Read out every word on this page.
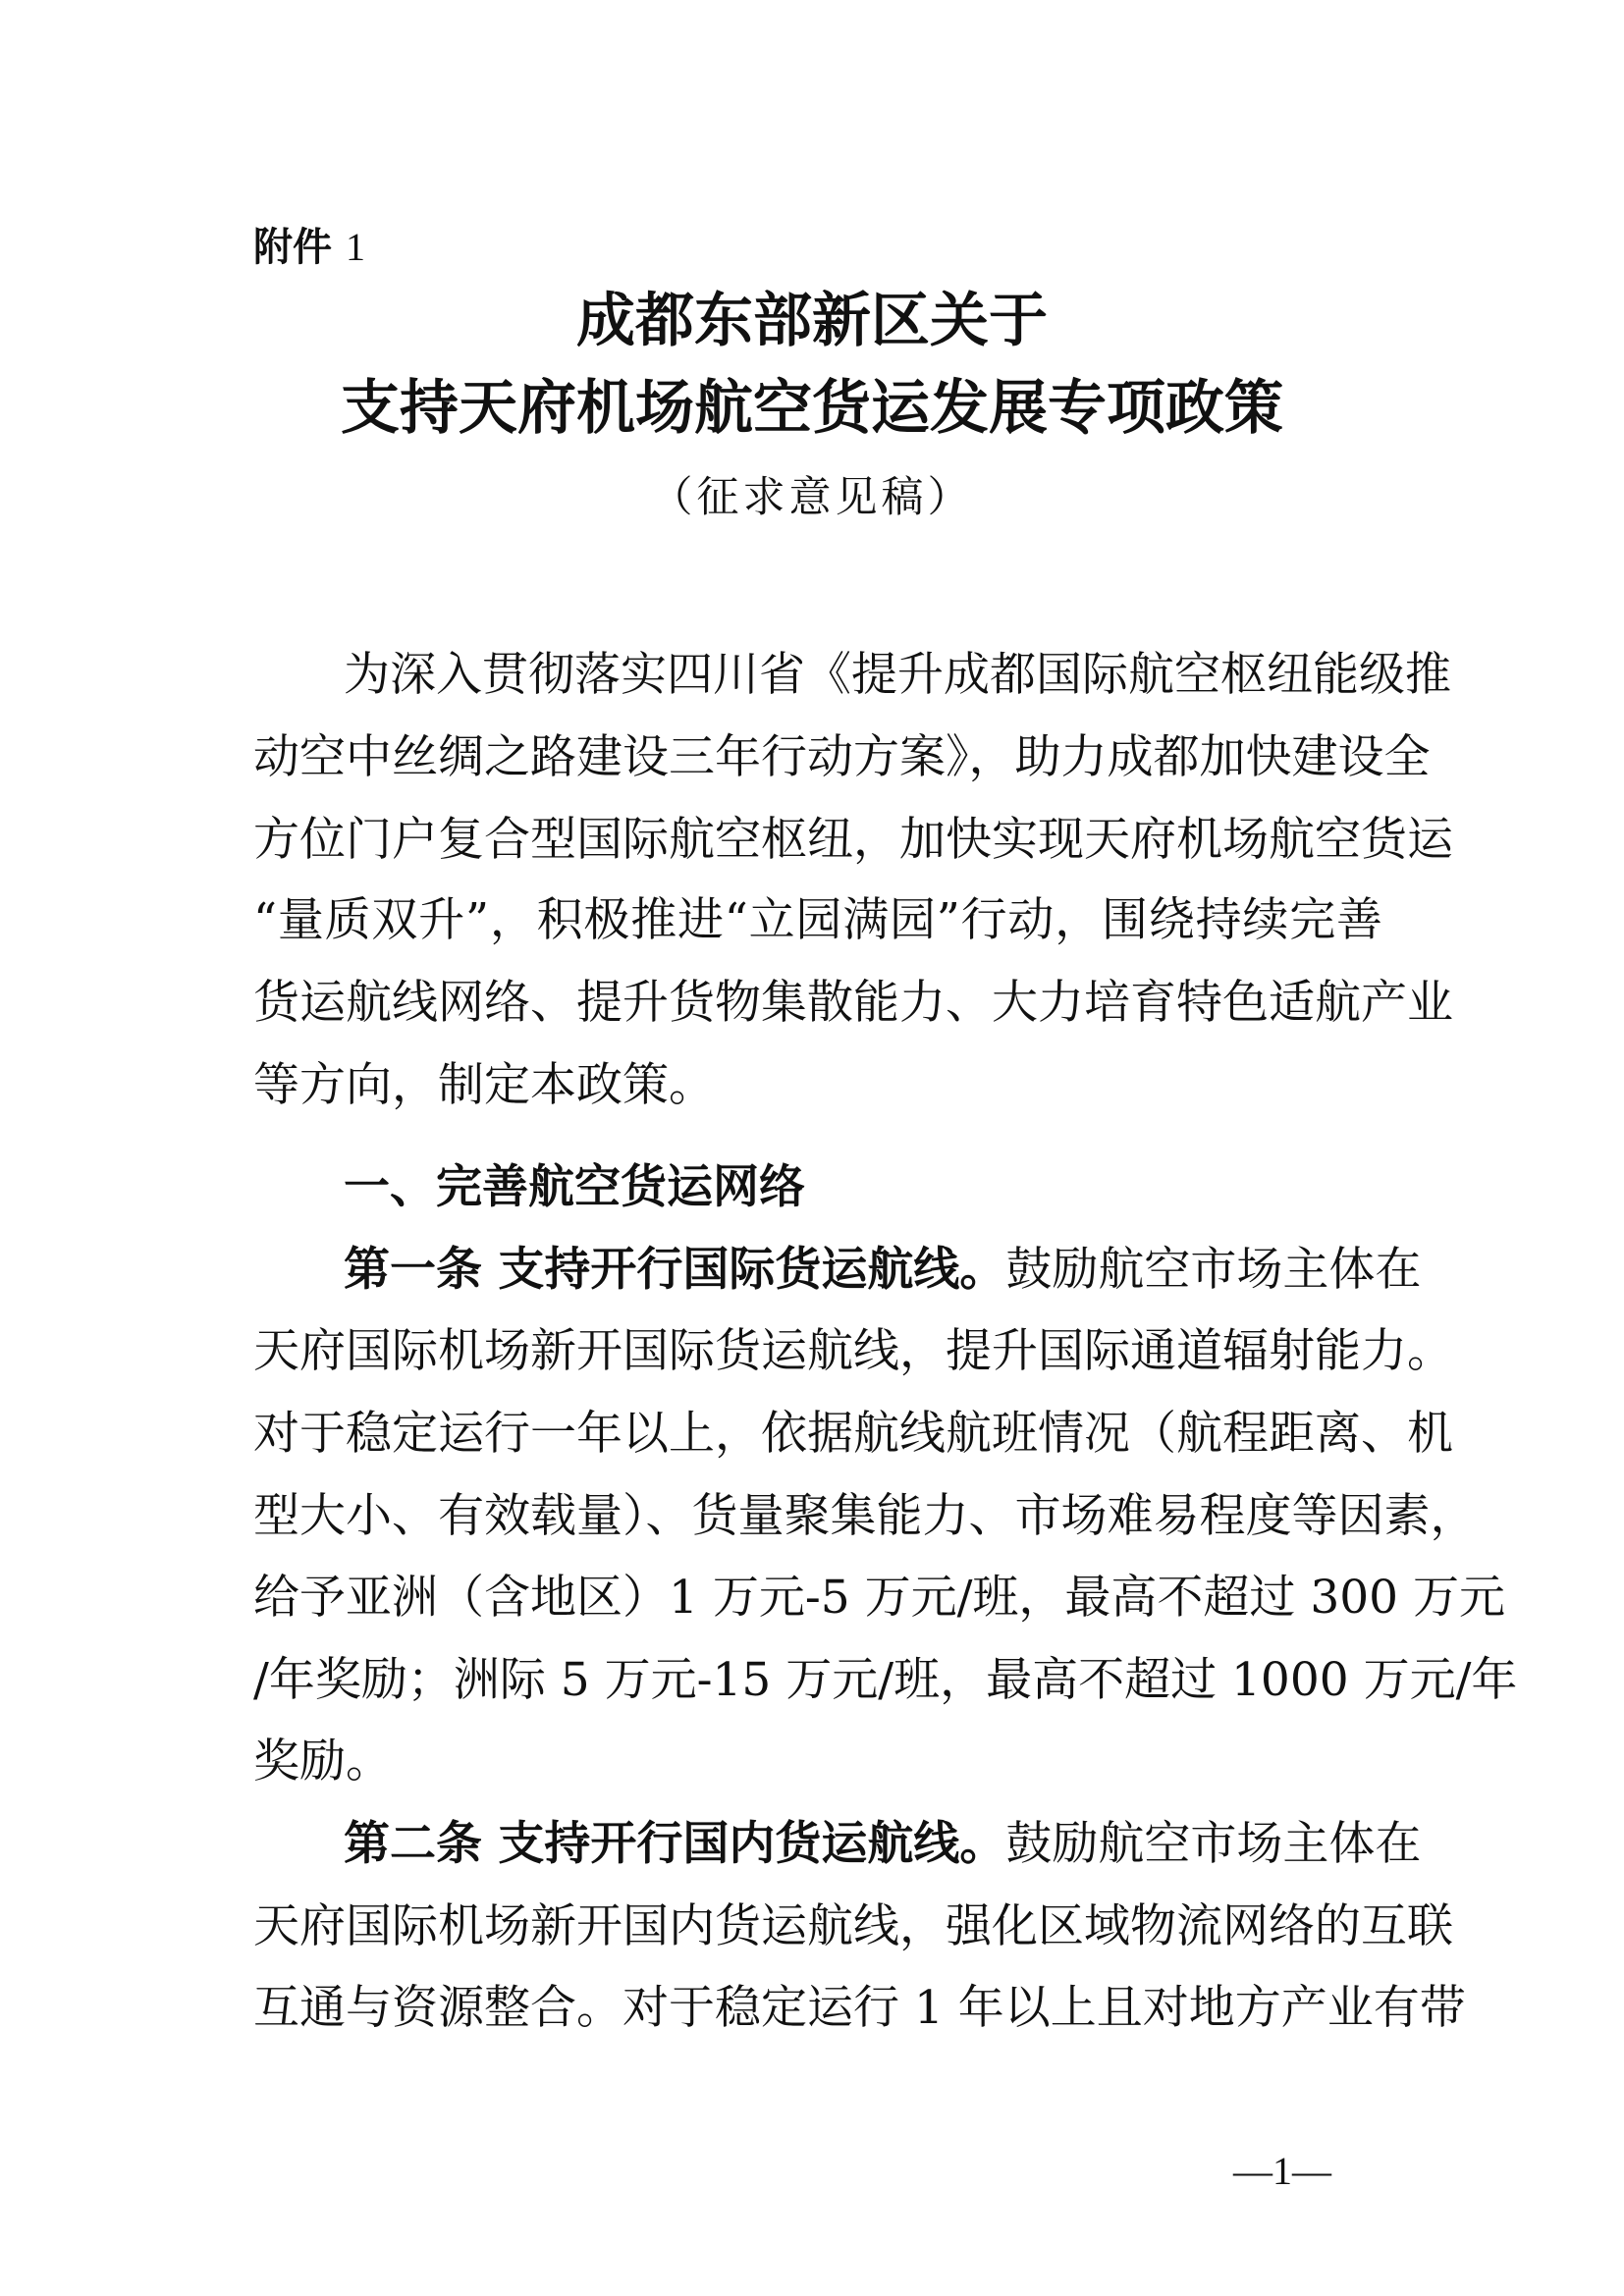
附件 1
成都东部新区关于
支持天府机场航空货运发展专项政策
（征求意见稿）
为深入贯彻落实四川省《提升成都国际航空枢纽能级推
动空中丝绸之路建设三年行动方案》，助力成都加快建设全
方位门户复合型国际航空枢纽，加快实现天府机场航空货运
“量质双升”，积极推进“立园满园”行动，围绕持续完善
货运航线网络、提升货物集散能力、大力培育特色适航产业
等方向，制定本政策。
一、完善航空货运网络
第一条 支持开行国际货运航线。 鼓励航空市场主体在
天府国际机场新开国际货运航线，提升国际通道辐射能力。
对于稳定运行一年以上，依据航线航班情况（航程距离、机
型大小、有效载量）、货量聚集能力、市场难易程度等因素，
给予亚洲（含地区）1 万元-5 万元/班，最高不超过 300 万元
/年奖励；洲际 5 万元-15 万元/班，最高不超过 1000 万元/年
奖励。
第二条 支持开行国内货运航线。 鼓励航空市场主体在
天府国际机场新开国内货运航线，强化区域物流网络的互联
互通与资源整合。对于稳定运行 1 年以上且对地方产业有带
—1—
